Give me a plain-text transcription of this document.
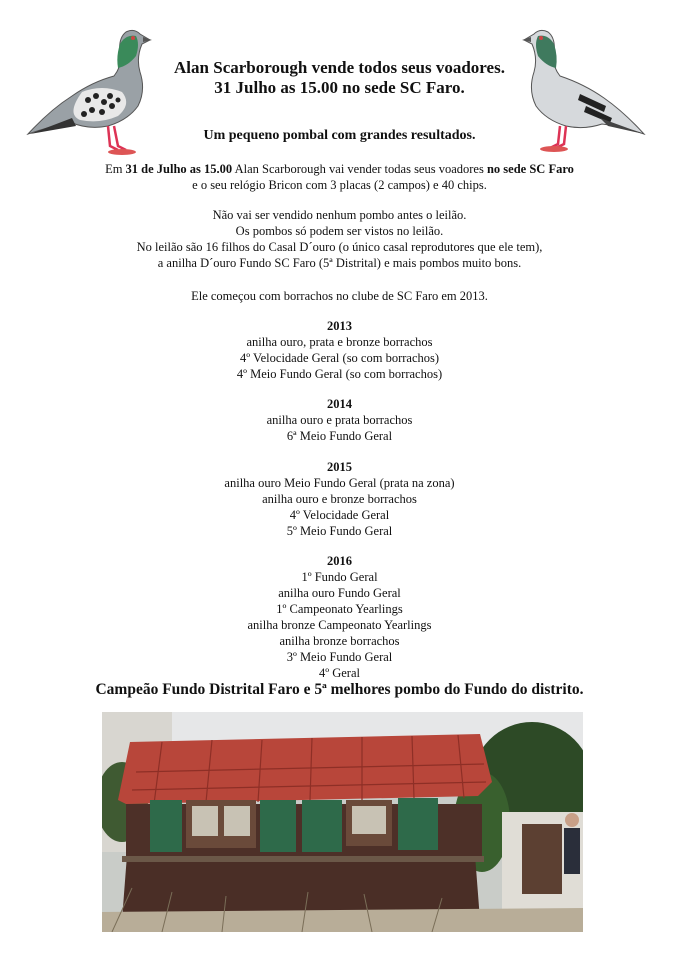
Alan Scarborough vende todos seus voadores.
31 Julho as 15.00 no sede SC Faro.
Um pequeno pombal com grandes resultados.
Em 31 de Julho as 15.00 Alan Scarborough vai vender todas seus voadores no sede SC Faro
e o seu relógio Bricon com 3 placas (2 campos) e 40 chips.
Não vai ser vendido nenhum pombo antes o leilão.
Os pombos só podem ser vistos no leilão.
No leilão são 16 filhos do Casal D´ouro (o único casal reprodutores que ele tem),
a anilha D´ouro Fundo SC Faro (5ª Distrital) e mais pombos muito bons.
Ele começou com borrachos no clube de SC Faro em 2013.
2013
anilha ouro, prata e bronze borrachos
4º Velocidade Geral (so com borrachos)
4º Meio Fundo Geral (so com borrachos)
2014
anilha ouro e prata borrachos
6ª Meio Fundo Geral
2015
anilha ouro Meio Fundo Geral (prata na zona)
anilha ouro e bronze borrachos
4º Velocidade Geral
5º Meio Fundo Geral
2016
1º Fundo Geral
anilha ouro Fundo Geral
1º Campeonato Yearlings
anilha bronze Campeonato Yearlings
anilha bronze borrachos
3º Meio Fundo Geral
4º Geral
Campeão Fundo Distrital Faro e 5ª melhores pombo do Fundo do distrito.
